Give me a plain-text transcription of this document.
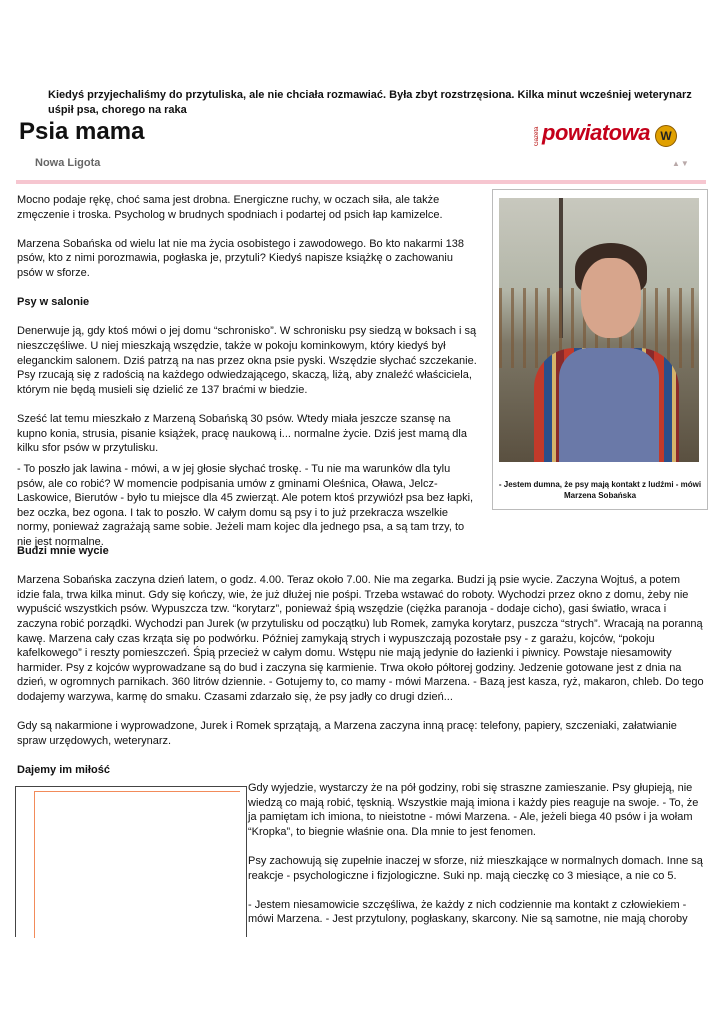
Kiedyś przyjechaliśmy do przytuliska, ale nie chciała rozmawiać. Była zbyt rozstrzęsiona. Kilka minut wcześniej weterynarz uśpił psa, chorego na raka
Psia mama	Gazeta powiatowa W
Nowa Ligota	▲▼

Mocno podaje rękę, choć sama jest drobna. Energiczne ruchy, w oczach siła, ale także zmęczenie i troska. Psycholog w brudnych spodniach i podartej od psich łap kamizelce.

Marzena Sobańska od wielu lat nie ma życia osobistego i zawodowego. Bo kto nakarmi 138 psów, kto z nimi porozmawia, pogłaska je, przytuli? Kiedyś napisze książkę o zachowaniu psów w sforze.

Psy w salonie

Denerwuje ją, gdy ktoś mówi o jej domu “schronisko”. W schronisku psy siedzą w boksach i są nieszczęśliwe. U niej mieszkają wszędzie, także w pokoju kominkowym, który kiedyś był eleganckim salonem. Dziś patrzą na nas przez okna psie pyski. Wszędzie słychać szczekanie. Psy rzucają się z radością na każdego odwiedzającego, skaczą, liżą, aby znaleźć właściciela, którym nie będą musieli się dzielić ze 137 braćmi w biedzie.

Sześć lat temu mieszkało z Marzeną Sobańską 30 psów. Wtedy miała jeszcze szansę na kupno konia, strusia, pisanie książek, pracę naukową i... normalne życie. Dziś jest mamą dla kilku sfor psów w przytulisku.

- To poszło jak lawina - mówi, a w jej głosie słychać troskę. - Tu nie ma warunków dla tylu psów, ale co robić? W momencie podpisania umów z gminami Oleśnica, Oława, Jelcz-Laskowice, Bierutów - było tu miejsce dla 45 zwierząt. Ale potem ktoś przywiózł psa bez łapki, bez oczka, bez ogona. I tak to poszło. W całym domu są psy i to już przekracza wszelkie normy, ponieważ zagrażają same sobie. Jeżeli mam kojec dla jednego psa, a są tam trzy, to nie jest normalne.

- Jestem dumna, że psy mają kontakt z ludźmi - mówi Marzena Sobańska
Budzi mnie wycie

Marzena Sobańska zaczyna dzień latem, o godz. 4.00. Teraz około 7.00. Nie ma zegarka. Budzi ją psie wycie. Zaczyna Wojtuś, a potem idzie fala, trwa kilka minut. Gdy się kończy, wie, że już dłużej nie pośpi. Trzeba wstawać do roboty. Wychodzi przez okno z domu, żeby nie wypuścić wszystkich psów. Wypuszcza tzw. “korytarz”, ponieważ śpią wszędzie (ciężka paranoja - dodaje cicho), gasi światło, wraca i zaczyna robić porządki. Wychodzi pan Jurek (w przytulisku od początku) lub Romek, zamyka korytarz, puszcza “strych”. Wracają na poranną kawę. Marzena cały czas krząta się po podwórku. Później zamykają strych i wypuszczają pozostałe psy - z garażu, kojców, “pokoju kafelkowego” i reszty pomieszczeń. Śpią przecież w całym domu. Wstępu nie mają jedynie do łazienki i piwnicy. Powstaje niesamowity harmider. Psy z kojców wyprowadzane są do bud i zaczyna się karmienie. Trwa około półtorej godziny. Jedzenie gotowane jest z dnia na dzień, w ogromnych parnikach. 360 litrów dziennie. - Gotujemy to, co mamy - mówi Marzena. - Bazą jest kasza, ryż, makaron, chleb. Do tego dodajemy warzywa, karmę do smaku. Czasami zdarzało się, że psy jadły co drugi dzień...

Gdy są nakarmione i wyprowadzone, Jurek i Romek sprzątają, a Marzena zaczyna inną pracę: telefony, papiery, szczeniaki, załatwianie spraw urzędowych, weterynarz.

Dajemy im miłość

Gdy wyjedzie, wystarczy że na pół godziny, robi się straszne zamieszanie. Psy głupieją, nie wiedzą co mają robić, tęsknią. Wszystkie mają imiona i każdy pies reaguje na swoje. - To, że ja pamiętam ich imiona, to nieistotne - mówi Marzena. - Ale, jeżeli biega 40 psów i ja wołam “Kropka”, to biegnie właśnie ona. Dla mnie to jest fenomen.

Psy zachowują się zupełnie inaczej w sforze, niż mieszkające w normalnych domach. Inne są reakcje - psychologiczne i fizjologiczne. Suki np. mają cieczkę co 3 miesiące, a nie co 5.

- Jestem niesamowicie szczęśliwa, że każdy z nich codziennie ma kontakt z człowiekiem - mówi Marzena. - Jest przytulony, pogłaskany, skarcony. Nie są samotne, nie mają choroby
